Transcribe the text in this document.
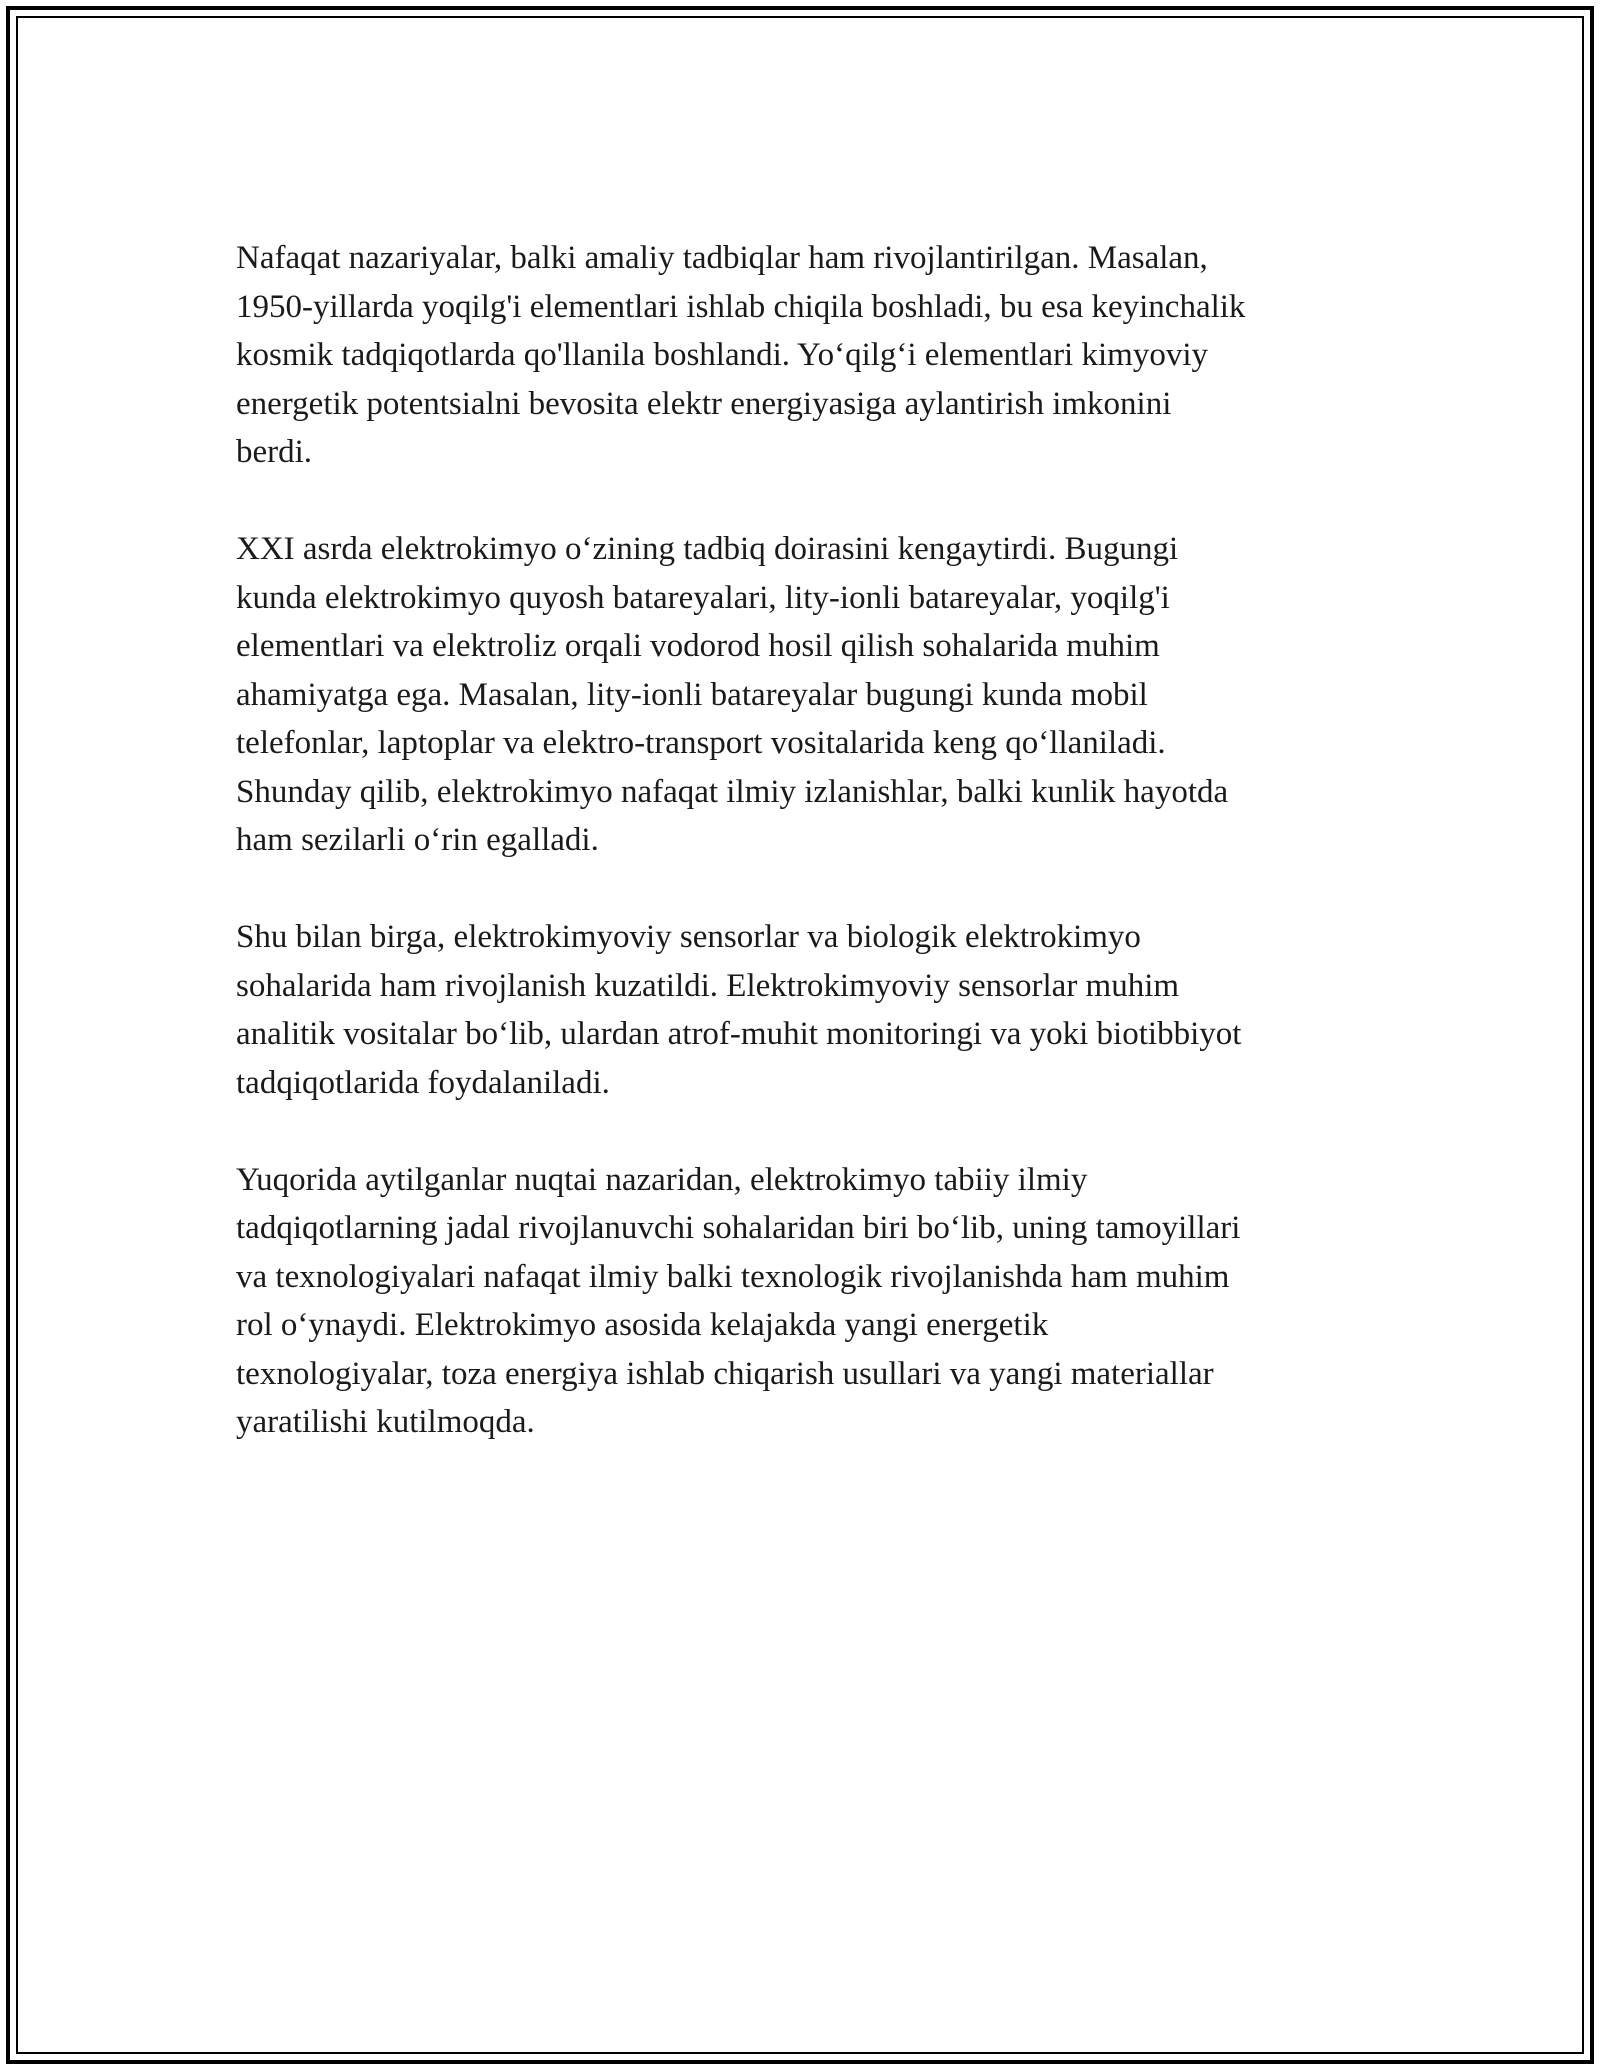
Nafaqat nazariyalar, balki amaliy tadbiqlar ham rivojlantirilgan. Masalan,
1950-yillarda yoqilg'i elementlari ishlab chiqila boshladi, bu esa keyinchalik
kosmik tadqiqotlarda qo'llanila boshlandi. Yo‘qilg‘i elementlari kimyoviy
energetik potentsialni bevosita elektr energiyasiga aylantirish imkonini
berdi.

XXI asrda elektrokimyo o‘zining tadbiq doirasini kengaytirdi. Bugungi
kunda elektrokimyo quyosh batareyalari, lity-ionli batareyalar, yoqilg'i
elementlari va elektroliz orqali vodorod hosil qilish sohalarida muhim
ahamiyatga ega. Masalan, lity-ionli batareyalar bugungi kunda mobil
telefonlar, laptoplar va elektro-transport vositalarida keng qo‘llaniladi.
Shunday qilib, elektrokimyo nafaqat ilmiy izlanishlar, balki kunlik hayotda
ham sezilarli o‘rin egalladi.

Shu bilan birga, elektrokimyoviy sensorlar va biologik elektrokimyo
sohalarida ham rivojlanish kuzatildi. Elektrokimyoviy sensorlar muhim
analitik vositalar bo‘lib, ulardan atrof-muhit monitoringi va yoki biotibbiyot
tadqiqotlarida foydalaniladi.

Yuqorida aytilganlar nuqtai nazaridan, elektrokimyo tabiiy ilmiy
tadqiqotlarning jadal rivojlanuvchi sohalaridan biri bo‘lib, uning tamoyillari
va texnologiyalari nafaqat ilmiy balki texnologik rivojlanishda ham muhim
rol o‘ynaydi. Elektrokimyo asosida kelajakda yangi energetik
texnologiyalar, toza energiya ishlab chiqarish usullari va yangi materiallar
yaratilishi kutilmoqda.
